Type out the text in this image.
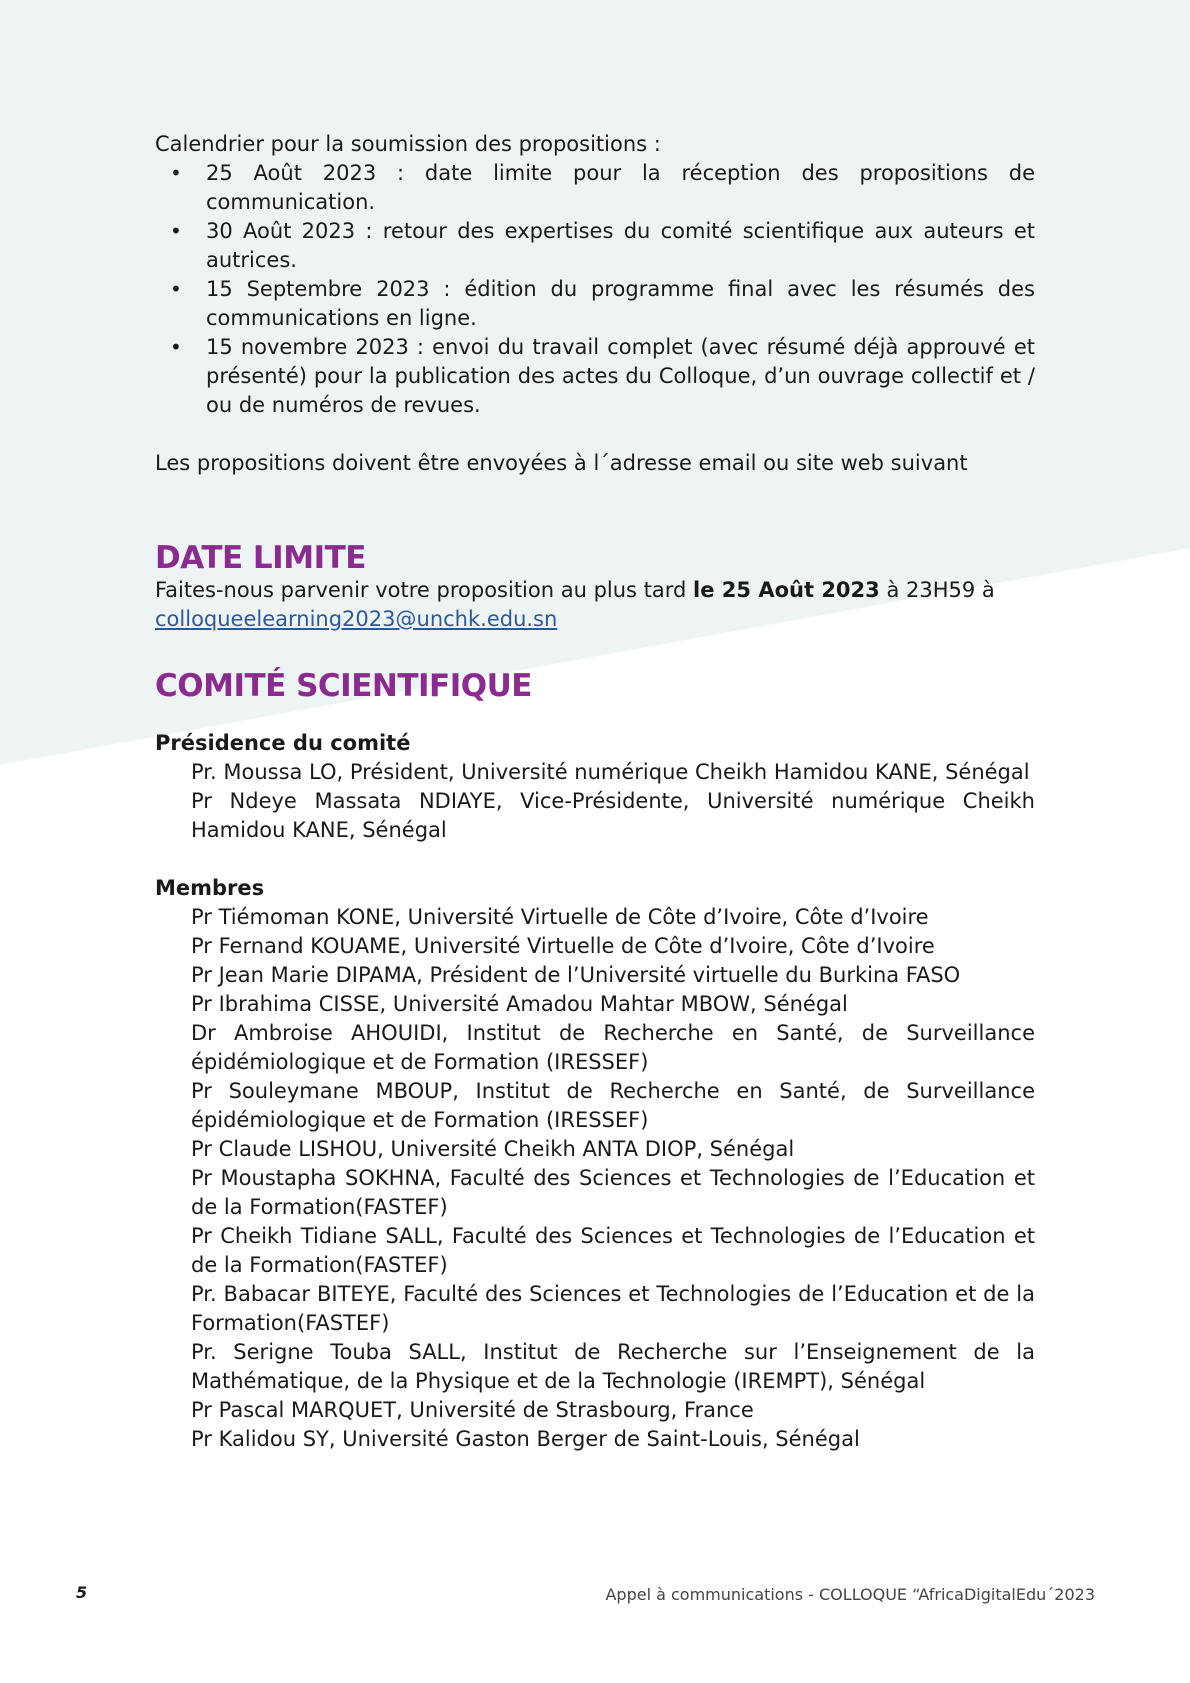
Calendrier pour la soumission des propositions :

• 25 Août 2023 : date limite pour la réception des propositions de communication.
• 30 Août 2023 : retour des expertises du comité scientifique aux auteurs et autrices.
• 15 Septembre 2023 : édition du programme final avec les résumés des communications en ligne.
• 15 novembre 2023 : envoi du travail complet (avec résumé déjà approuvé et présenté) pour la publication des actes du Colloque, d’un ouvrage collectif et / ou de numéros de revues.

Les propositions doivent être envoyées à l´adresse email ou site web suivant

DATE LIMITE

Faites-nous parvenir votre proposition au plus tard le 25 Août 2023 à 23H59 à
colloqueelearning2023@unchk.edu.sn

COMITÉ SCIENTIFIQUE

Présidence du comité

Pr. Moussa LO, Président, Université numérique Cheikh Hamidou KANE, Sénégal

Pr Ndeye Massata NDIAYE, Vice-Présidente, Université numérique Cheikh Hamidou KANE, Sénégal

Membres

Pr Tiémoman KONE, Université Virtuelle de Côte d’Ivoire, Côte d’Ivoire

Pr Fernand KOUAME, Université Virtuelle de Côte d’Ivoire, Côte d’Ivoire

Pr Jean Marie DIPAMA, Président de l’Université virtuelle du Burkina FASO

Pr Ibrahima CISSE, Université Amadou Mahtar MBOW, Sénégal

Dr Ambroise AHOUIDI, Institut de Recherche en Santé, de Surveillance épidémiologique et de Formation (IRESSEF)

Pr Souleymane MBOUP, Institut de Recherche en Santé, de Surveillance épidémiologique et de Formation (IRESSEF)

Pr Claude LISHOU, Université Cheikh ANTA DIOP, Sénégal

Pr Moustapha SOKHNA, Faculté des Sciences et Technologies de l’Education et de la Formation(FASTEF)

Pr Cheikh Tidiane SALL, Faculté des Sciences et Technologies de l’Education et de la Formation(FASTEF)

Pr. Babacar BITEYE, Faculté des Sciences et Technologies de l’Education et de la Formation(FASTEF)

Pr. Serigne Touba SALL, Institut de Recherche sur l’Enseignement de la Mathématique, de la Physique et de la Technologie (IREMPT), Sénégal

Pr Pascal MARQUET, Université de Strasbourg, France

Pr Kalidou SY, Université Gaston Berger de Saint-Louis, Sénégal

5	Appel à communications - COLLOQUE “AfricaDigitalEdu´2023
